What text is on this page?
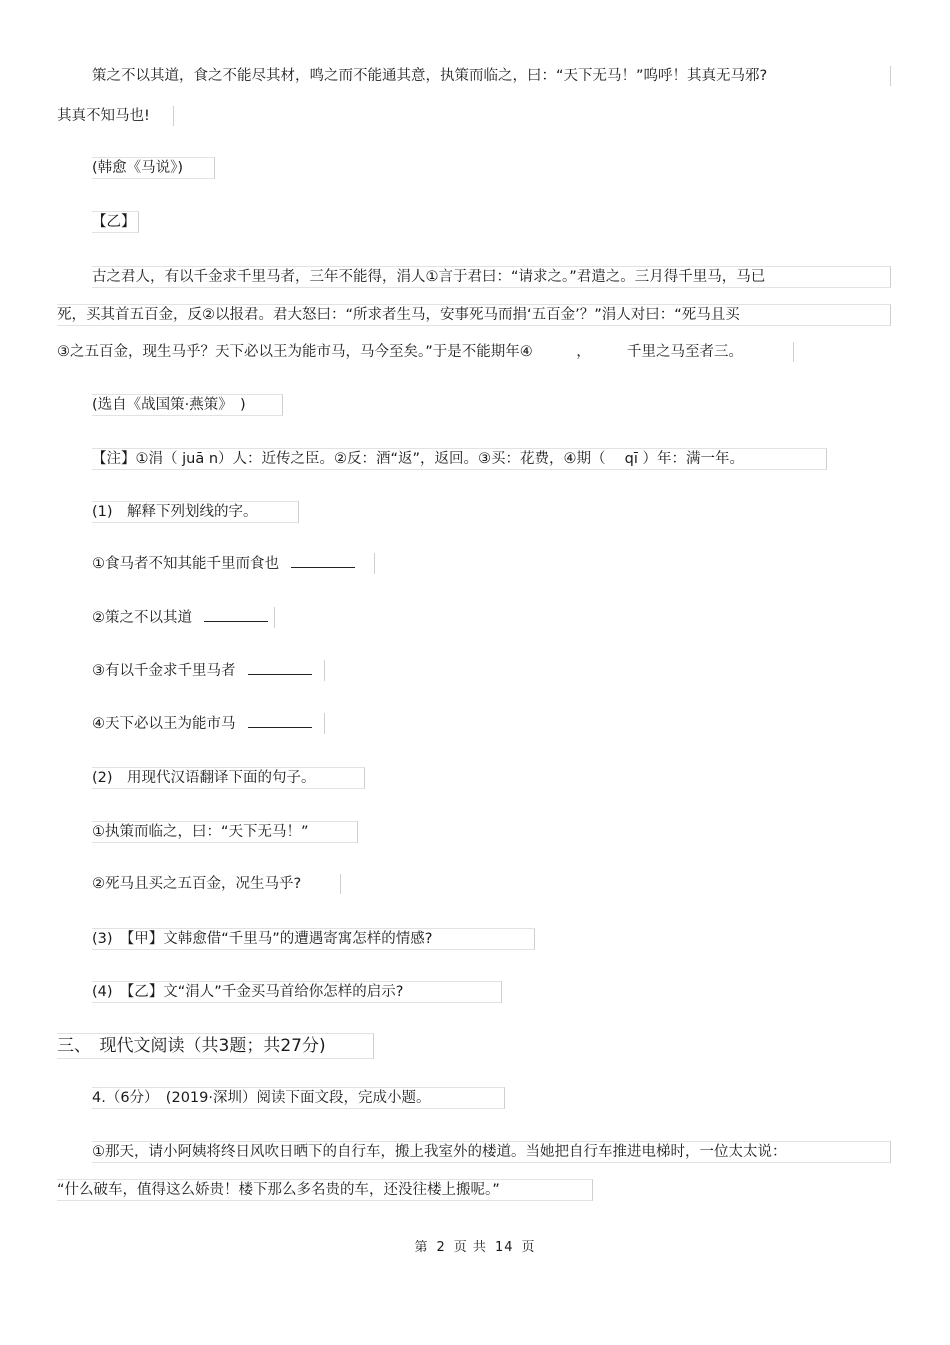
策之不以其道，食之不能尽其材，鸣之而不能通其意，执策而临之，曰：“天下无马！”呜呼！其真无马邪?
其真不知马也!
(韩愈《马说》)
【乙】
古之君人，有以千金求千里马者，三年不能得，涓人①言于君曰：“请求之。”君遣之。三月得千里马，马已
死，买其首五百金，反②以报君。君大怒曰：“所求者生马，安事死马而捐‘五百金’？”涓人对曰：“死马且买
③之五百金，现生马乎？天下必以王为能市马，马今至矣。”于是不能期年④　　　，　　　千里之马至者三。
(选自《战国策·燕策》　)
【注】①涓（ juā n）人：近传之臣。②反：酒“返”，返回。③买：花费，④期（　 qī ）年：满一年。
(1)　解释下列划线的字。
①食马者不知其能千里而食也
②策之不以其道
③有以千金求千里马者
④天下必以王为能市马
(2)　用现代汉语翻译下面的句子。
①执策而临之，曰：“天下无马！”
②死马且买之五百金，况生马乎?
(3)　【甲】文韩愈借“千里马”的遭遇寄寓怎样的情感?
(4)　【乙】文“涓人”千金买马首给你怎样的启示?
三、　现代文阅读（共3题；共27分)
4.（6分）　(2019·深圳）阅读下面文段，完成小题。
①那天，请小阿姨将终日风吹日晒下的自行车，搬上我室外的楼道。当她把自行车推进电梯时，一位太太说：
“什么破车，值得这么娇贵！楼下那么多名贵的车，还没往楼上搬呢。”
第 2 页 共 14 页
